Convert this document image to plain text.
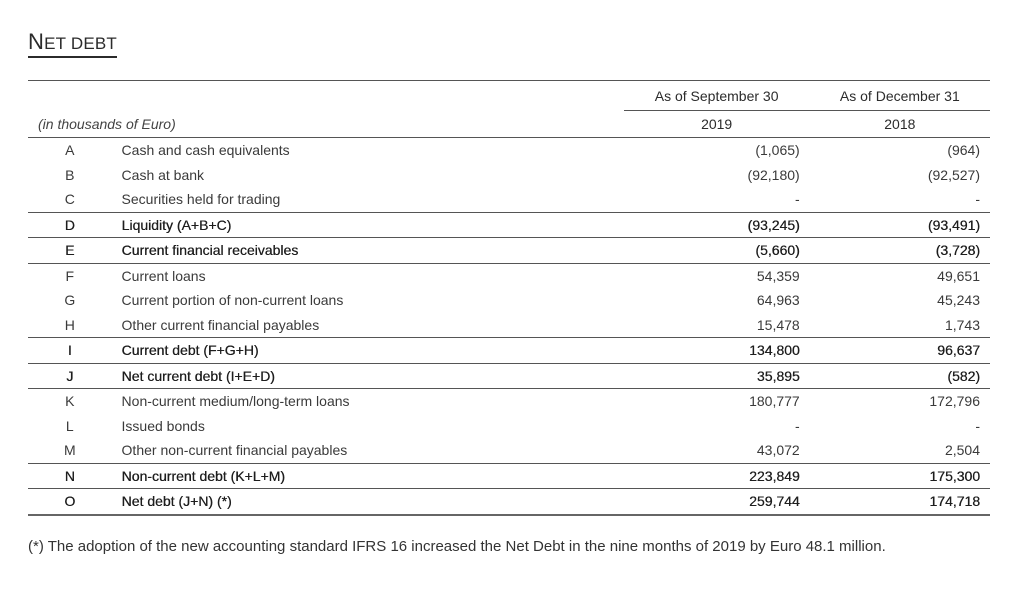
NET DEBT
		As of September 30	As of December 31
(in thousands of Euro)		2019	2018
A	Cash and cash equivalents	(1,065)	(964)
B	Cash at bank	(92,180)	(92,527)
C	Securities held for trading	-	-
D	Liquidity (A+B+C)	(93,245)	(93,491)
E	Current financial receivables	(5,660)	(3,728)
F	Current loans	54,359	49,651
G	Current portion of non-current loans	64,963	45,243
H	Other current financial payables	15,478	1,743
I	Current debt (F+G+H)	134,800	96,637
J	Net current debt (I+E+D)	35,895	(582)
K	Non-current medium/long-term loans	180,777	172,796
L	Issued bonds	-	-
M	Other non-current financial payables	43,072	2,504
N	Non-current debt (K+L+M)	223,849	175,300
O	Net debt (J+N) (*)	259,744	174,718
(*) The adoption of the new accounting standard IFRS 16 increased the Net Debt in the nine months of 2019 by Euro 48.1 million.
